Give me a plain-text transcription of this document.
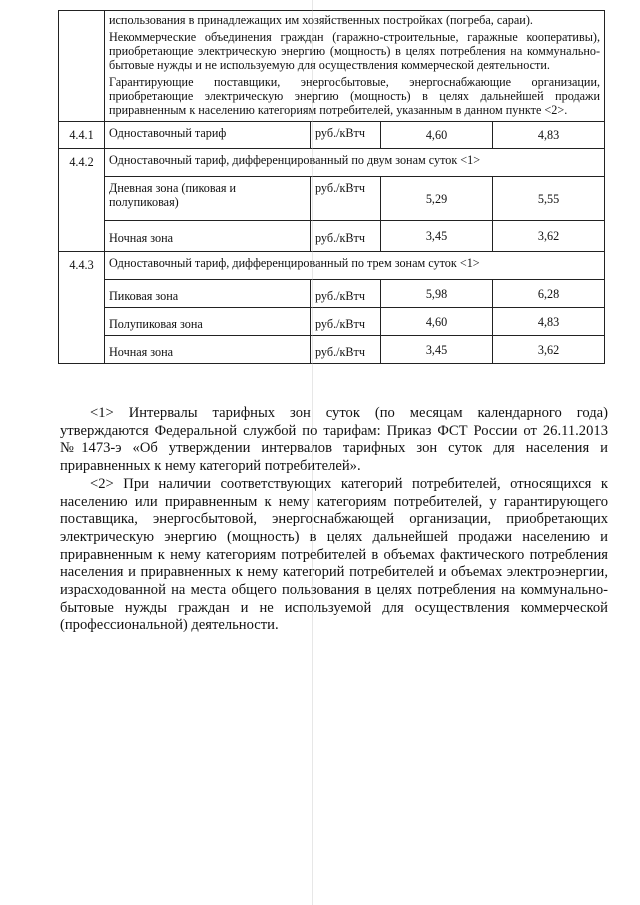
	использования в принадлежащих им хозяйственных постройках (погреба, сараи).

Некоммерческие объединения граждан (гаражно-строительные, гаражные кооперативы), приобретающие электрическую энергию (мощность) в целях потребления на коммунально-бытовые нужды и не используемую для осуществления коммерческой деятельности.

Гарантирующие поставщики, энергосбытовые, энергоснабжающие организации, приобретающие электрическую энергию (мощность) в целях дальнейшей продажи приравненным к населению категориям потребителей, указанным в данном пункте <2>.			

4.4.1	Одноставочный тариф	руб./кВтч	4,60	4,83
4.4.2	Одноставочный тариф, дифференцированный по двум зонам суток <1>			
	Дневная зона (пиковая и полупиковая)	руб./кВтч	5,29	5,55
	Ночная зона	руб./кВтч	3,45	3,62
4.4.3	Одноставочный тариф, дифференцированный по трем зонам суток <1>			
	Пиковая зона	руб./кВтч	5,98	6,28
	Полупиковая зона	руб./кВтч	4,60	4,83
	Ночная зона	руб./кВтч	3,45	3,62

<1> Интервалы тарифных зон суток (по месяцам календарного года) утверждаются Федеральной службой по тарифам: Приказ ФСТ России от 26.11.2013 №1473-э «Об утверждении интервалов тарифных зон суток для населения и приравненных к нему категорий потребителей».

<2> При наличии соответствующих категорий потребителей, относящихся к населению или приравненным к нему категориям потребителей, у гарантирующего поставщика, энергосбытовой, энергоснабжающей организации, приобретающих электрическую энергию (мощность) в целях дальнейшей продажи населению и приравненным к нему категориям потребителей в объемах фактического потребления населения и приравненных к нему категорий потребителей и объемах электроэнергии, израсходованной на места общего пользования в целях потребления на коммунально-бытовые нужды граждан и не используемой для осуществления коммерческой (профессиональной) деятельности.
